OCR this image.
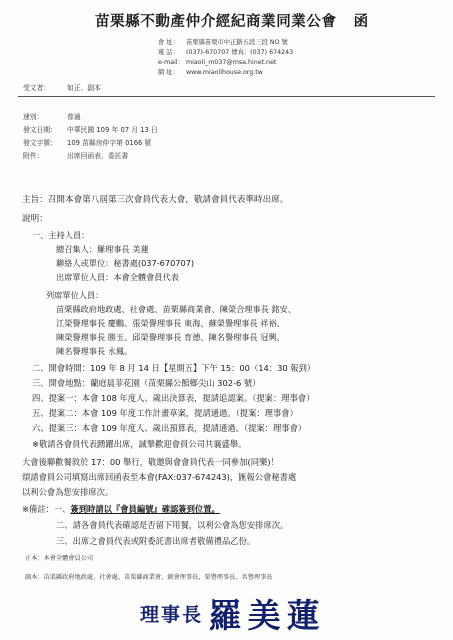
苗栗縣不動產仲介經紀商業同業公會 函
會 址： 苗栗縣苗栗市中正路五段三段 NO 號
電 話： (037)-670707 傳真：(037) 674243
e-mail： miaoli_m037@msa.hinet.net
網 址： www.miaolihouse.org.tw
受文者： 如正、副本
速別：	普通
發文日期： 中華民國 109 年 07 月 13 日
發文字號： 109 苗縣房仲字第 0166 號
附件：	出席回函表、委託書
主旨：召開本會第八屆第三次會員代表大會，敬請會員代表準時出席。
說明：
一、主持人員：
總召集人：羅理事長 美蓮
聯絡人或單位：秘書處(037-670707)
出席單位人員：本會全體會員代表
列席單位人員：
苗栗縣政府地政處、社會處、苗栗縣商業會、陳榮合理事長 銘安、
江榮譽理事長 慶鵬、張榮譽理事長 東海、蘇榮譽理事長 祥裕、
陳榮譽理事長 勝玉、邱榮譽理事長 育德、陳名譽理事長 冠興、
陳名譽理事長 永鳳。
二、開會時間：109 年 8 月 14 日【星期五】下午 15：00（14：30 報到）
三、開會地點：蘭庭晨菲花園（苗栗縣公館鄉尖山 302-6 號）
四、提案一：本會 108 年度人、歲出決算表，提請追認案。（提案：理事會）
五、提案二：本會 109 年度工作計畫草案，提請通過。（提案：理事會）
六、提案三：本會 109 年度人、歲出預算表，提請通過。（提案：理事會）
※敬請各會員代表踴躍出席，誠摯歡迎會員公司共襄盛舉。
大會後聯歡餐敘於 17：00 舉行，敬邀與會會員代表一同參加(同樂)！
煩請會員公司填寫出席回函表至本會(FAX:037-674243)，匯報公會秘書處
以利公會為您安排席次。
※備註：一、簽到時請以『會員編號』確認簽到位置。
二、請各會員代表確認是否留下用餐，以利公會為您安排席次。
三、出席之會員代表或附委託書出席者敬備禮品乙份。
正本：本會全體會員公司
副本：苗栗縣政府地政處、社會處、苗栗縣商業會、劍會理事長、榮譽理事長、名譽理事長
理事長 羅美蓮
